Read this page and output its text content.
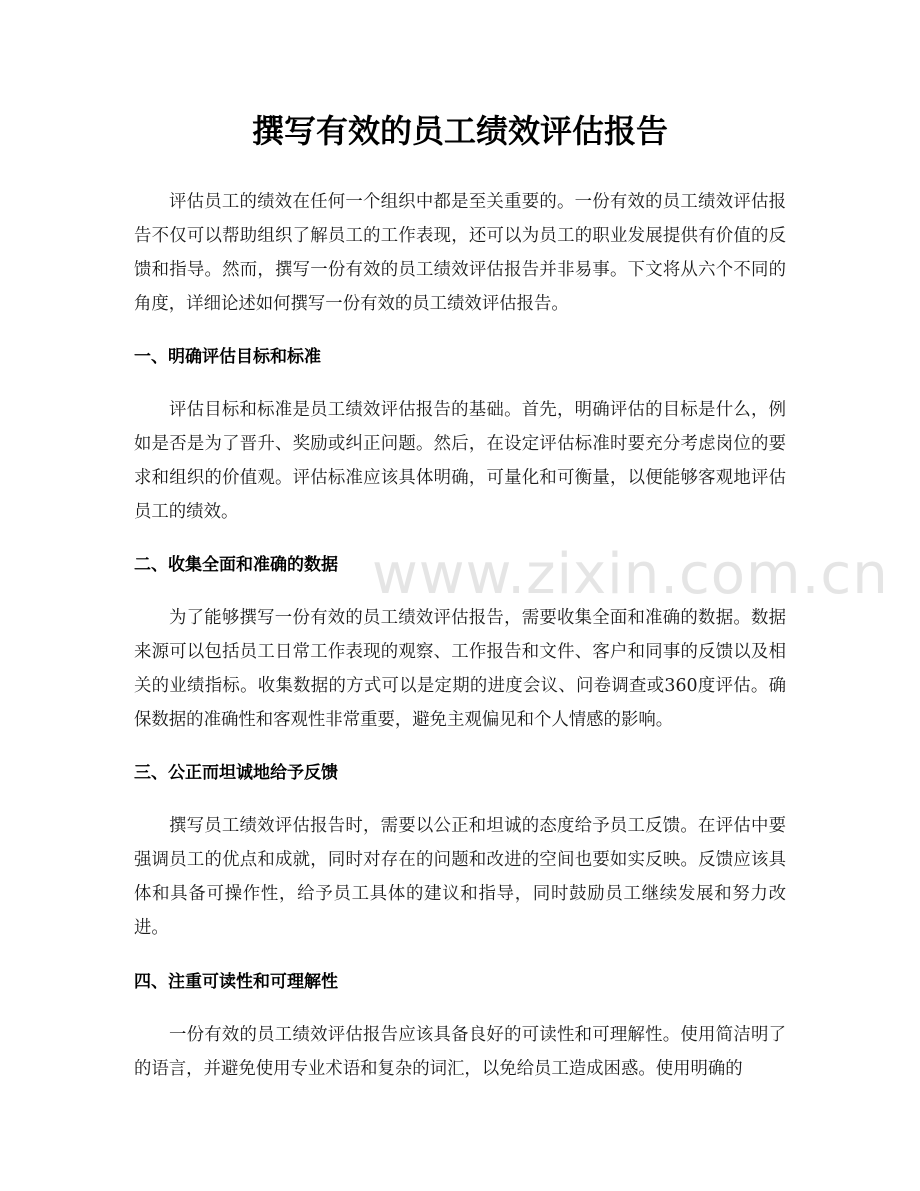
撰写有效的员工绩效评估报告

评估员工的绩效在任何一个组织中都是至关重要的。一份有效的员工绩效评估报告不仅可以帮助组织了解员工的工作表现，还可以为员工的职业发展提供有价值的反馈和指导。然而，撰写一份有效的员工绩效评估报告并非易事。下文将从六个不同的角度，详细论述如何撰写一份有效的员工绩效评估报告。

一、明确评估目标和标准

评估目标和标准是员工绩效评估报告的基础。首先，明确评估的目标是什么，例如是否是为了晋升、奖励或纠正问题。然后，在设定评估标准时要充分考虑岗位的要求和组织的价值观。评估标准应该具体明确，可量化和可衡量，以便能够客观地评估员工的绩效。

二、收集全面和准确的数据

为了能够撰写一份有效的员工绩效评估报告，需要收集全面和准确的数据。数据来源可以包括员工日常工作表现的观察、工作报告和文件、客户和同事的反馈以及相关的业绩指标。收集数据的方式可以是定期的进度会议、问卷调查或360度评估。确保数据的准确性和客观性非常重要，避免主观偏见和个人情感的影响。

三、公正而坦诚地给予反馈

撰写员工绩效评估报告时，需要以公正和坦诚的态度给予员工反馈。在评估中要强调员工的优点和成就，同时对存在的问题和改进的空间也要如实反映。反馈应该具体和具备可操作性，给予员工具体的建议和指导，同时鼓励员工继续发展和努力改进。

四、注重可读性和可理解性

一份有效的员工绩效评估报告应该具备良好的可读性和可理解性。使用简洁明了的语言，并避免使用专业术语和复杂的词汇，以免给员工造成困惑。使用明确的

www.zixin.com.cn
